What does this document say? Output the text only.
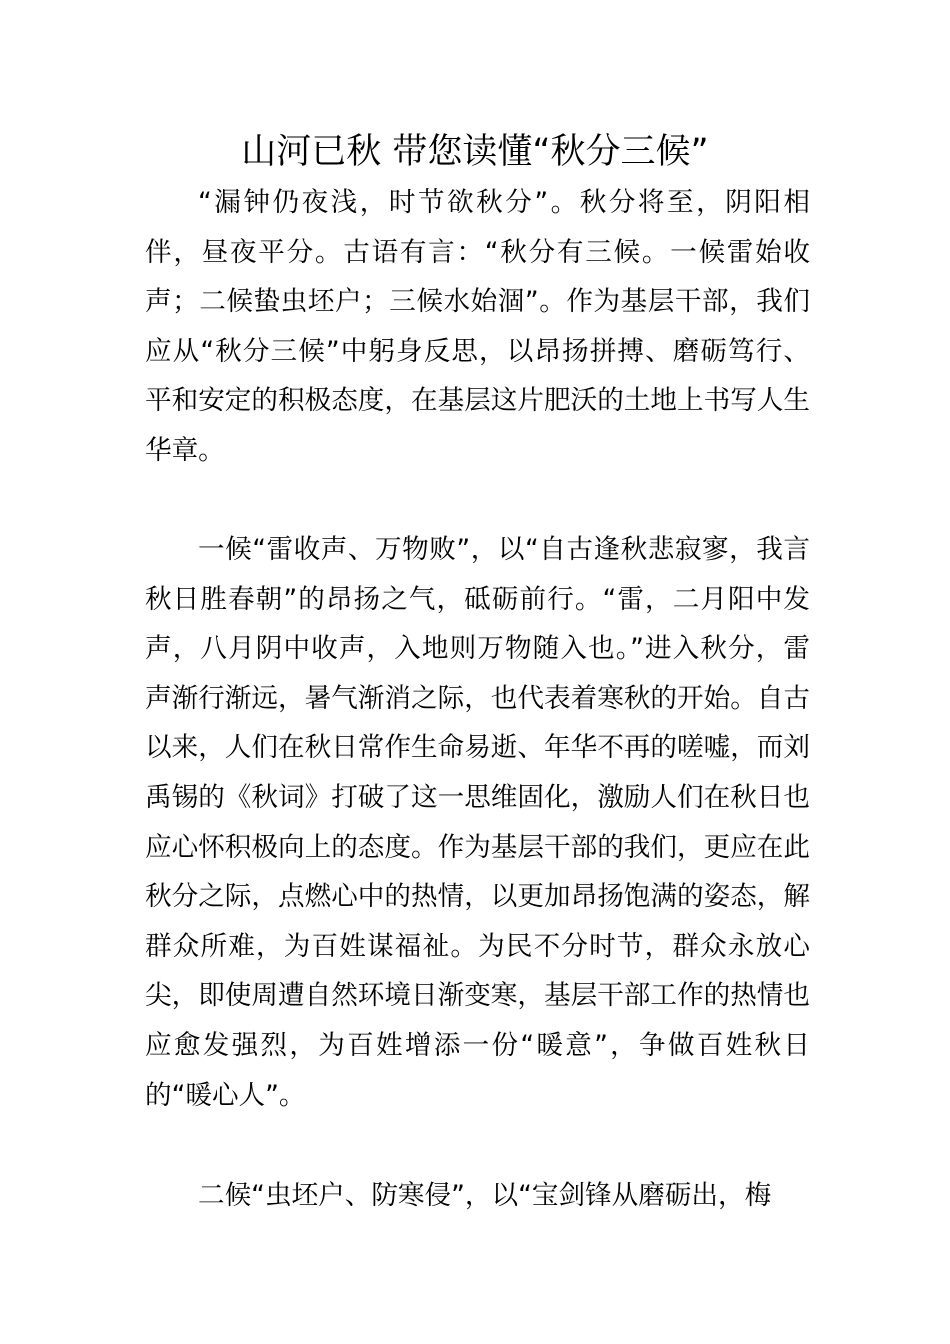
山河已秋 带您读懂“秋分三候”

“漏钟仍夜浅，时节欲秋分”。秋分将至，阴阳相伴，昼夜平分。古语有言：“秋分有三候。一候雷始收声；二候蛰虫坯户；三候水始涸”。作为基层干部，我们应从“秋分三候”中躬身反思，以昂扬拼搏、磨砺笃行、平和安定的积极态度，在基层这片肥沃的土地上书写人生华章。

一候“雷收声、万物败”，以“自古逢秋悲寂寥，我言秋日胜春朝”的昂扬之气，砥砺前行。“雷，二月阳中发声，八月阴中收声，入地则万物随入也。”进入秋分，雷声渐行渐远，暑气渐消之际，也代表着寒秋的开始。自古以来，人们在秋日常作生命易逝、年华不再的嗟嘘，而刘禹锡的《秋词》打破了这一思维固化，激励人们在秋日也应心怀积极向上的态度。作为基层干部的我们，更应在此秋分之际，点燃心中的热情，以更加昂扬饱满的姿态，解群众所难，为百姓谋福祉。为民不分时节，群众永放心尖，即使周遭自然环境日渐变寒，基层干部工作的热情也应愈发强烈，为百姓增添一份“暖意”，争做百姓秋日的“暖心人”。

二候“虫坯户、防寒侵”，以“宝剑锋从磨砺出，梅
